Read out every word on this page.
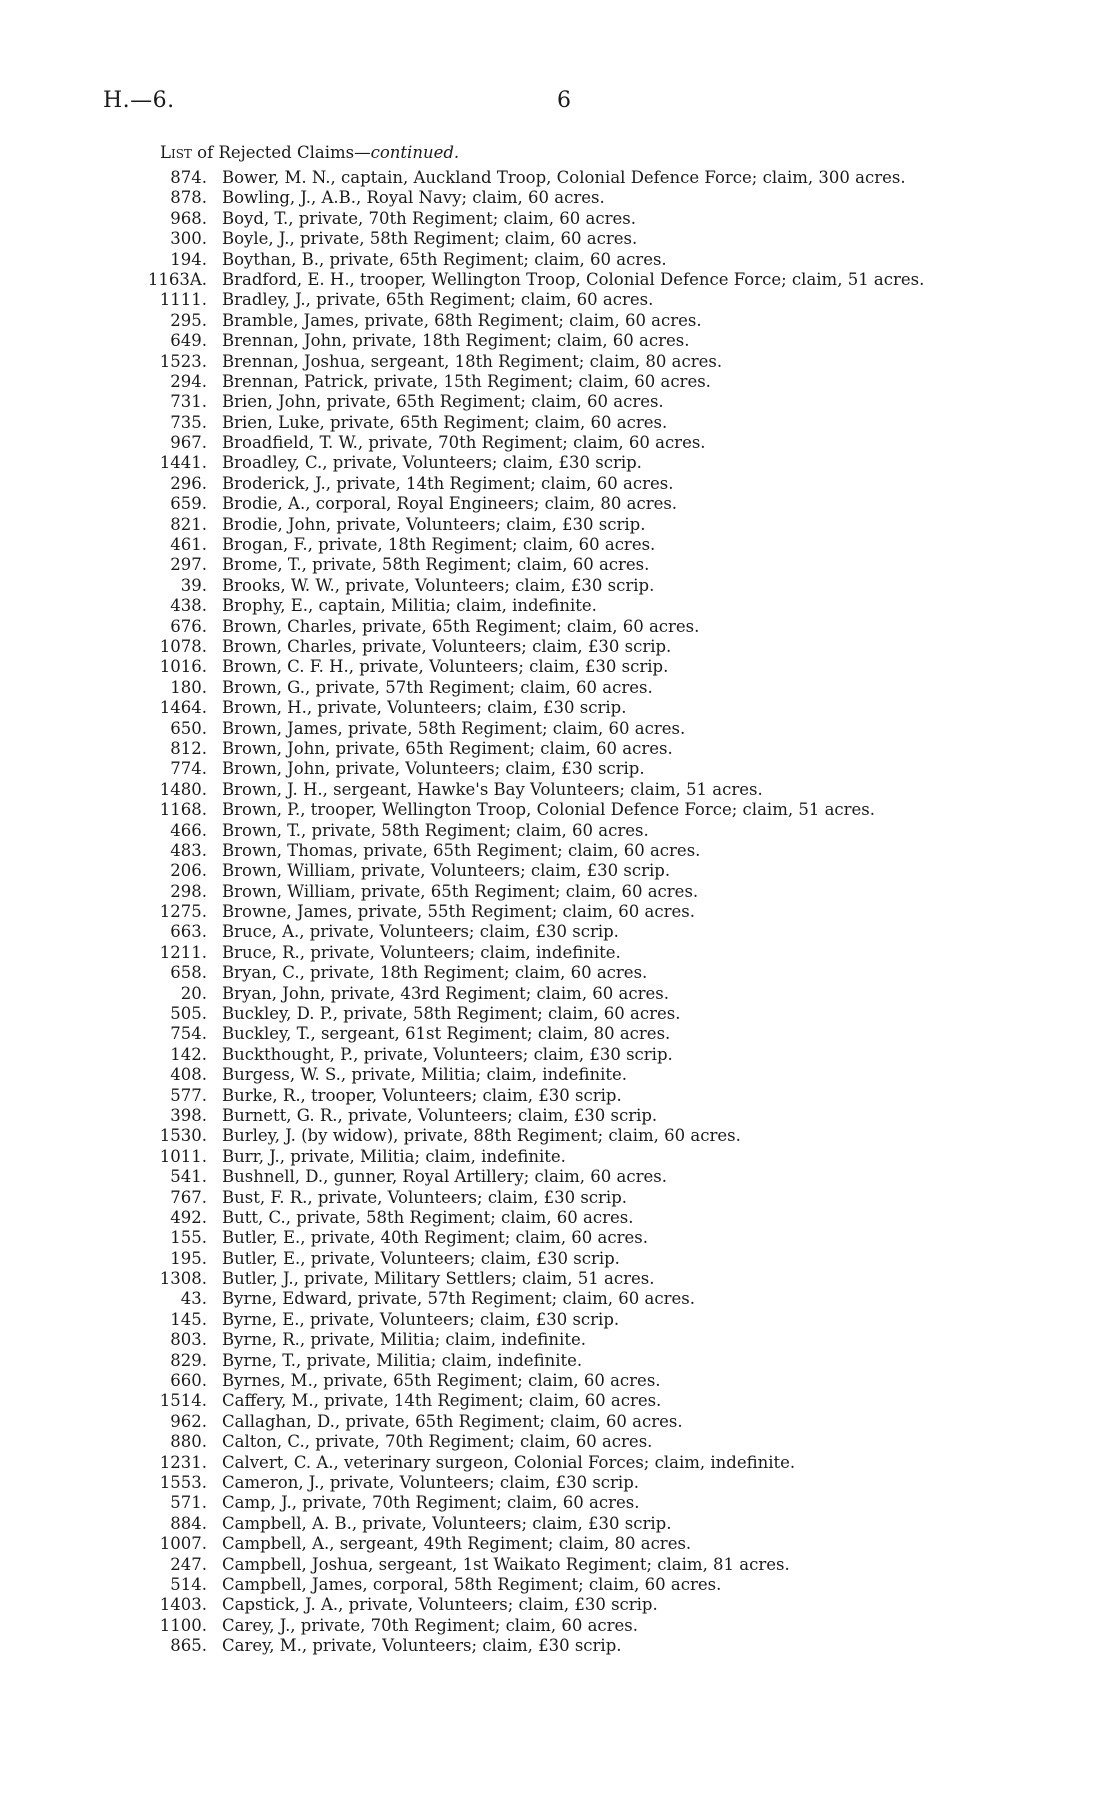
H.—6.	6
List of Rejected Claims—continued.
874. Bower, M. N., captain, Auckland Troop, Colonial Defence Force; claim, 300 acres.
878. Bowling, J., A.B., Royal Navy; claim, 60 acres.
968. Boyd, T., private, 70th Regiment; claim, 60 acres.
300. Boyle, J., private, 58th Regiment; claim, 60 acres.
194. Boythan, B., private, 65th Regiment; claim, 60 acres.
1163A. Bradford, E. H., trooper, Wellington Troop, Colonial Defence Force; claim, 51 acres.
1111. Bradley, J., private, 65th Regiment; claim, 60 acres.
295. Bramble, James, private, 68th Regiment; claim, 60 acres.
649. Brennan, John, private, 18th Regiment; claim, 60 acres.
1523. Brennan, Joshua, sergeant, 18th Regiment; claim, 80 acres.
294. Brennan, Patrick, private, 15th Regiment; claim, 60 acres.
731. Brien, John, private, 65th Regiment; claim, 60 acres.
735. Brien, Luke, private, 65th Regiment; claim, 60 acres.
967. Broadfield, T. W., private, 70th Regiment; claim, 60 acres.
1441. Broadley, C., private, Volunteers; claim, £30 scrip.
296. Broderick, J., private, 14th Regiment; claim, 60 acres.
659. Brodie, A., corporal, Royal Engineers; claim, 80 acres.
821. Brodie, John, private, Volunteers; claim, £30 scrip.
461. Brogan, F., private, 18th Regiment; claim, 60 acres.
297. Brome, T., private, 58th Regiment; claim, 60 acres.
39. Brooks, W. W., private, Volunteers; claim, £30 scrip.
438. Brophy, E., captain, Militia; claim, indefinite.
676. Brown, Charles, private, 65th Regiment; claim, 60 acres.
1078. Brown, Charles, private, Volunteers; claim, £30 scrip.
1016. Brown, C. F. H., private, Volunteers; claim, £30 scrip.
180. Brown, G., private, 57th Regiment; claim, 60 acres.
1464. Brown, H., private, Volunteers; claim, £30 scrip.
650. Brown, James, private, 58th Regiment; claim, 60 acres.
812. Brown, John, private, 65th Regiment; claim, 60 acres.
774. Brown, John, private, Volunteers; claim, £30 scrip.
1480. Brown, J. H., sergeant, Hawke's Bay Volunteers; claim, 51 acres.
1168. Brown, P., trooper, Wellington Troop, Colonial Defence Force; claim, 51 acres.
466. Brown, T., private, 58th Regiment; claim, 60 acres.
483. Brown, Thomas, private, 65th Regiment; claim, 60 acres.
206. Brown, William, private, Volunteers; claim, £30 scrip.
298. Brown, William, private, 65th Regiment; claim, 60 acres.
1275. Browne, James, private, 55th Regiment; claim, 60 acres.
663. Bruce, A., private, Volunteers; claim, £30 scrip.
1211. Bruce, R., private, Volunteers; claim, indefinite.
658. Bryan, C., private, 18th Regiment; claim, 60 acres.
20. Bryan, John, private, 43rd Regiment; claim, 60 acres.
505. Buckley, D. P., private, 58th Regiment; claim, 60 acres.
754. Buckley, T., sergeant, 61st Regiment; claim, 80 acres.
142. Buckthought, P., private, Volunteers; claim, £30 scrip.
408. Burgess, W. S., private, Militia; claim, indefinite.
577. Burke, R., trooper, Volunteers; claim, £30 scrip.
398. Burnett, G. R., private, Volunteers; claim, £30 scrip.
1530. Burley, J. (by widow), private, 88th Regiment; claim, 60 acres.
1011. Burr, J., private, Militia; claim, indefinite.
541. Bushnell, D., gunner, Royal Artillery; claim, 60 acres.
767. Bust, F. R., private, Volunteers; claim, £30 scrip.
492. Butt, C., private, 58th Regiment; claim, 60 acres.
155. Butler, E., private, 40th Regiment; claim, 60 acres.
195. Butler, E., private, Volunteers; claim, £30 scrip.
1308. Butler, J., private, Military Settlers; claim, 51 acres.
43. Byrne, Edward, private, 57th Regiment; claim, 60 acres.
145. Byrne, E., private, Volunteers; claim, £30 scrip.
803. Byrne, R., private, Militia; claim, indefinite.
829. Byrne, T., private, Militia; claim, indefinite.
660. Byrnes, M., private, 65th Regiment; claim, 60 acres.
1514. Caffery, M., private, 14th Regiment; claim, 60 acres.
962. Callaghan, D., private, 65th Regiment; claim, 60 acres.
880. Calton, C., private, 70th Regiment; claim, 60 acres.
1231. Calvert, C. A., veterinary surgeon, Colonial Forces; claim, indefinite.
1553. Cameron, J., private, Volunteers; claim, £30 scrip.
571. Camp, J., private, 70th Regiment; claim, 60 acres.
884. Campbell, A. B., private, Volunteers; claim, £30 scrip.
1007. Campbell, A., sergeant, 49th Regiment; claim, 80 acres.
247. Campbell, Joshua, sergeant, 1st Waikato Regiment; claim, 81 acres.
514. Campbell, James, corporal, 58th Regiment; claim, 60 acres.
1403. Capstick, J. A., private, Volunteers; claim, £30 scrip.
1100. Carey, J., private, 70th Regiment; claim, 60 acres.
865. Carey, M., private, Volunteers; claim, £30 scrip.
